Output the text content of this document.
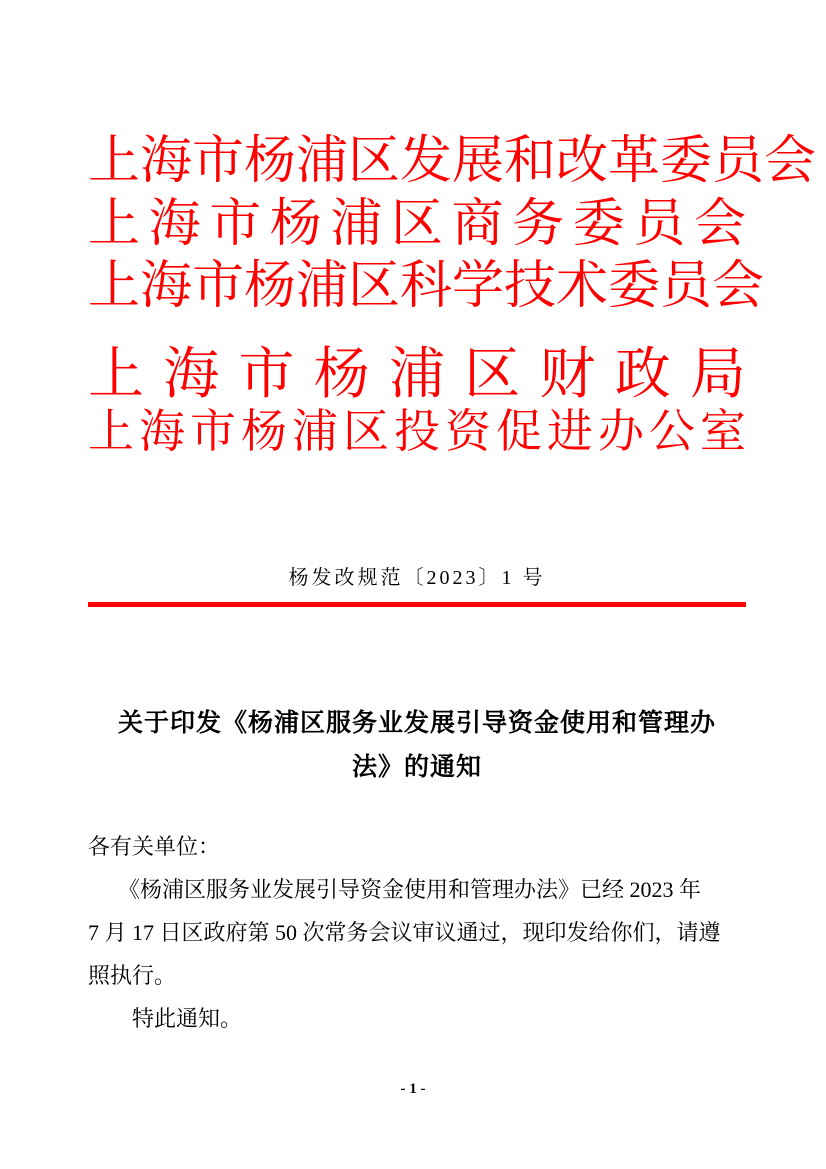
上海市杨浦区发展和改革委员会
上海市杨浦区商务委员会
上海市杨浦区科学技术委员会
上海市杨浦区财政局
上海市杨浦区投资促进办公室
杨发改规范〔2023〕1 号
关于印发《杨浦区服务业发展引导资金使用和管理办
法》的通知
各有关单位：
《杨浦区服务业发展引导资金使用和管理办法》已经 2023 年
7 月 17 日区政府第 50 次常务会议审议通过，现印发给你们，请遵
照执行。
特此通知。
- 1 -
